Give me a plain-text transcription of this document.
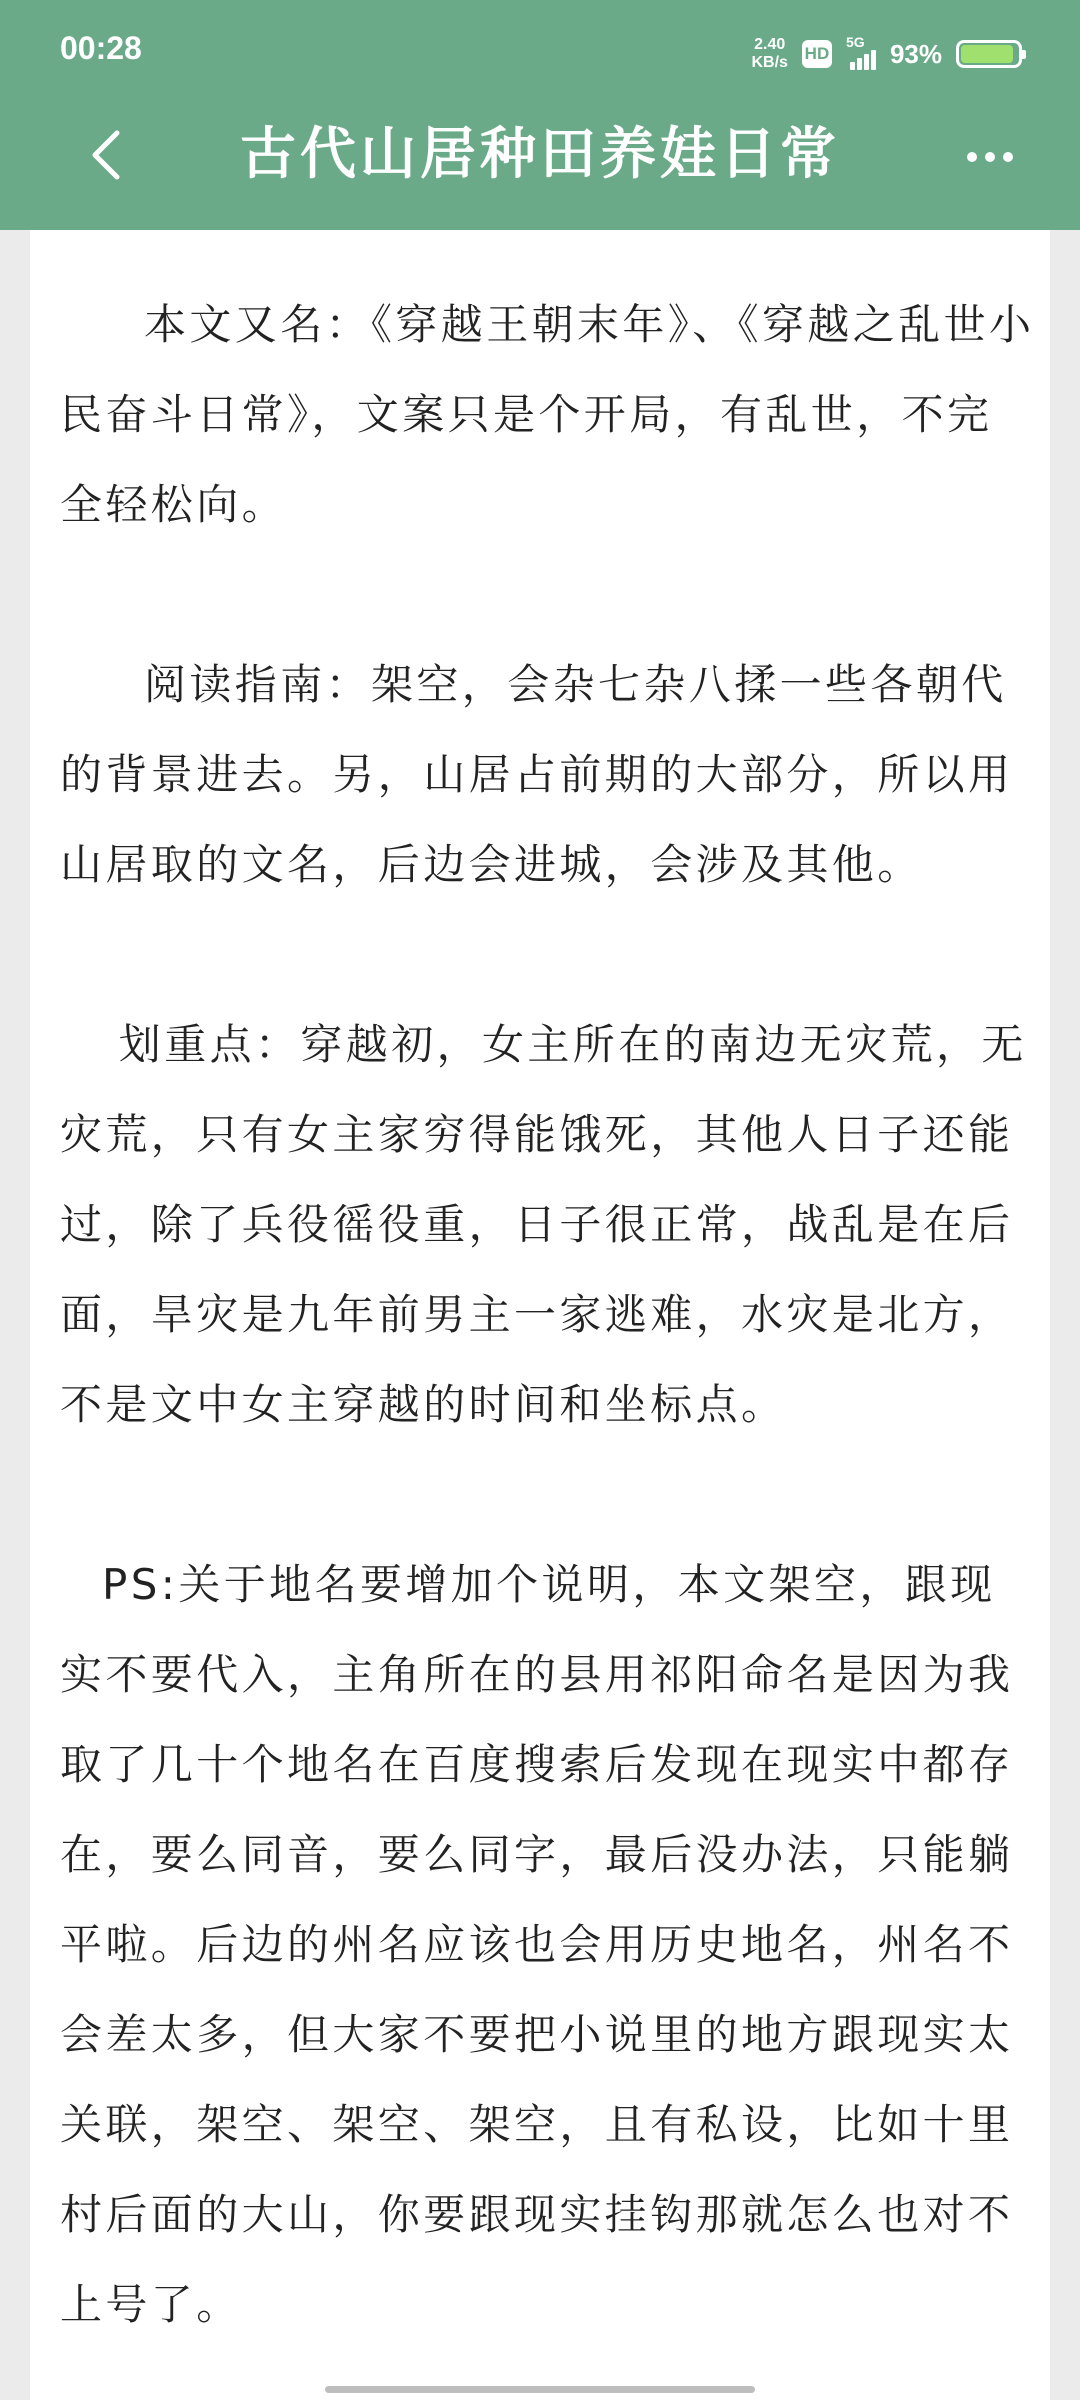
00:28	2.40
KB/s HD
5G 93%
古代山居种田养娃日常

本文又名：《穿越王朝末年》、《穿越之乱世小民奋斗日常》，文案只是个开局，有乱世，不完全轻松向。

阅读指南：架空，会杂七杂八揉一些各朝代的背景进去。另，山居占前期的大部分，所以用山居取的文名，后边会进城，会涉及其他。

划重点：穿越初，女主所在的南边无灾荒，无灾荒，只有女主家穷得能饿死，其他人日子还能过，除了兵役徭役重，日子很正常，战乱是在后面，旱灾是九年前男主一家逃难，水灾是北方，不是文中女主穿越的时间和坐标点。

PS:关于地名要增加个说明，本文架空，跟现实不要代入，主角所在的县用祁阳命名是因为我取了几十个地名在百度搜索后发现在现实中都存在，要么同音，要么同字，最后没办法，只能躺平啦。后边的州名应该也会用历史地名，州名不会差太多，但大家不要把小说里的地方跟现实太关联，架空、架空、架空，且有私设，比如十里村后面的大山，你要跟现实挂钩那就怎么也对不上号了。
